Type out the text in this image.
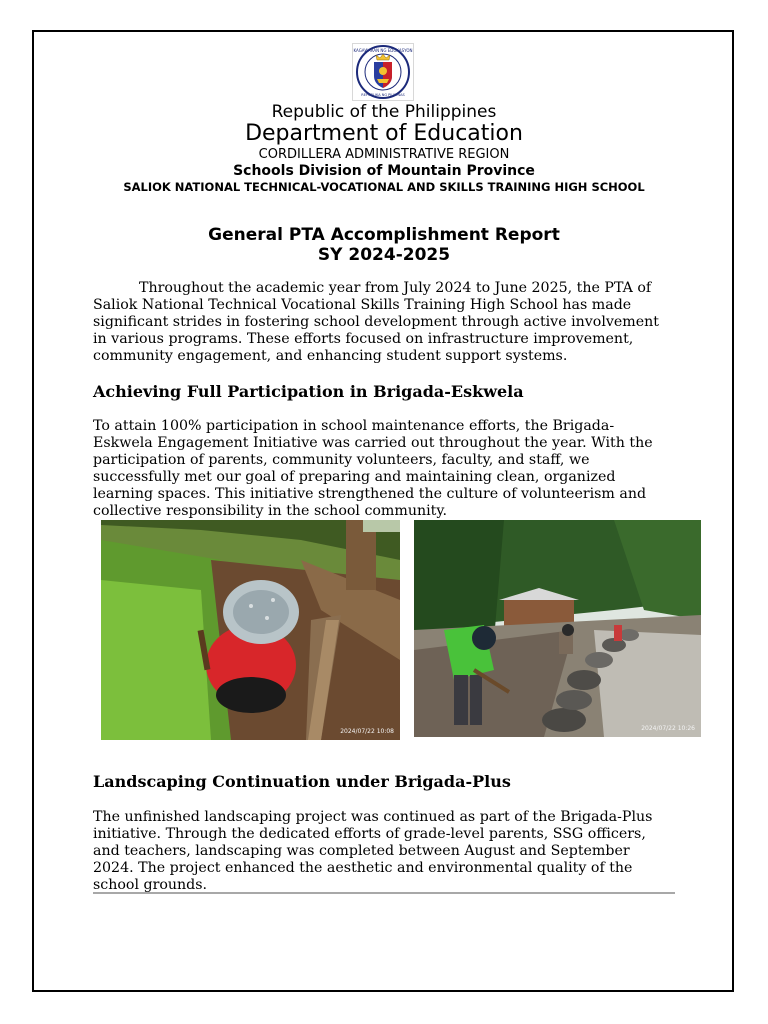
KAGAWARAN NG EDUKASYON
REPUBLIKA NG PILIPINAS
Republic of the Philippines
Department of Education
CORDILLERA ADMINISTRATIVE REGION
Schools Division of Mountain Province
SALIOK NATIONAL TECHNICAL-VOCATIONAL AND SKILLS TRAINING HIGH SCHOOL
General PTA Accomplishment Report
SY 2024-2025

Throughout the academic year from July 2024 to June 2025, the PTA of Saliok National Technical Vocational Skills Training High School has made significant strides in fostering school development through active involvement in various programs. These efforts focused on infrastructure improvement, community engagement, and enhancing student support systems.

Achieving Full Participation in Brigada-Eskwela

To attain 100% participation in school maintenance efforts, the Brigada-Eskwela Engagement Initiative was carried out throughout the year. With the participation of parents, community volunteers, faculty, and staff, we successfully met our goal of preparing and maintaining clean, organized learning spaces. This initiative strengthened the culture of volunteerism and collective responsibility in the school community.

2024/07/22 10:08	2024/07/22 10:26
Landscaping Continuation under Brigada-Plus

The unfinished landscaping project was continued as part of the Brigada-Plus initiative. Through the dedicated efforts of grade-level parents, SSG officers, and teachers, landscaping was completed between August and September 2024. The project enhanced the aesthetic and environmental quality of the school grounds.
